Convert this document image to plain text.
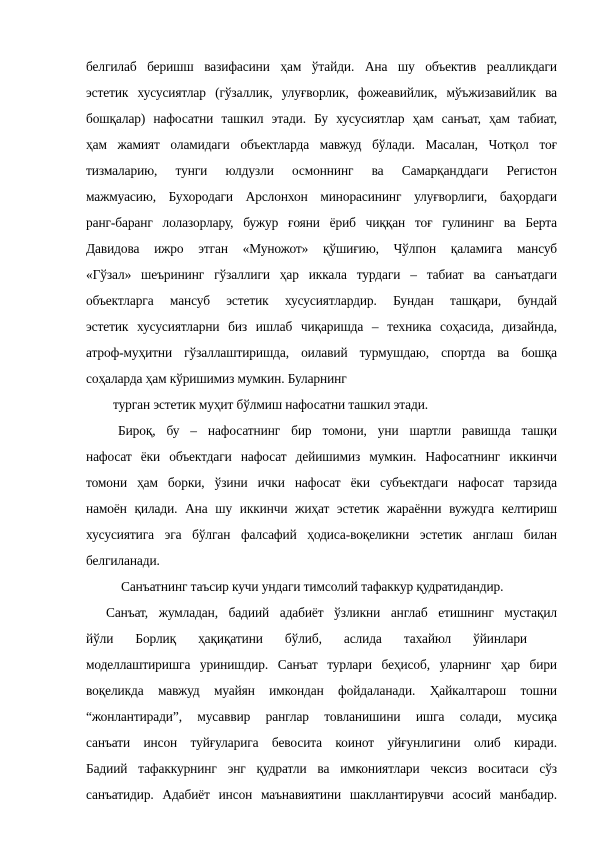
белгилаб беришш вазифасини ҳам ўтайди. Ана шу объектив реалликдаги
эстетик хусусиятлар (гўзаллик, улуғворлик, фожеавийлик, мўъжизавийлик ва
бошқалар) нафосатни ташкил этади. Бу хусусиятлар ҳам санъат, ҳам табиат,
ҳам жамият оламидаги объектларда мавжуд бўлади. Масалан, Чотқол тоғ
тизмаларию, тунги юлдузли осмоннинг ва Самарқанддаги Регистон
мажмуасию, Бухородаги Арслонхон минорасининг улуғворлиги, баҳордаги
ранг-баранг лолазорлару, бужур ғояни ёриб чиққан тоғ гулининг ва Берта
Давидова ижро этган «Муножот» қўшиғию, Чўлпон қаламига мансуб
«Гўзал» шеърининг гўзаллиги ҳар иккала турдаги – табиат ва санъатдаги
объектларга мансуб эстетик хусусиятлардир. Бундан ташқари, бундай
эстетик хусусиятларни биз ишлаб чиқаришда – техника соҳасида, дизайнда,
атроф-муҳитни гўзаллаштиришда, оилавий турмушдаю, спортда ва бошқа
соҳаларда ҳам кўришимиз мумкин. Буларнинг
турган эстетик муҳит бўлмиш нафосатни ташкил этади.
Бироқ, бу – нафосатнинг бир томони, уни шартли равишда ташқи
нафосат ёки объектдаги нафосат дейишимиз мумкин. Нафосатнинг иккинчи
томони ҳам борки, ўзини ички нафосат ёки субъектдаги нафосат тарзида
намоён қилади. Ана шу иккинчи жиҳат эстетик жараённи вужудга келтириш
хусусиятига эга бўлган фалсафий ҳодиса-воқеликни эстетик англаш билан
белгиланади.
Санъатнинг таъсир кучи ундаги тимсолий тафаккур қудратидандир.
Санъат, жумладан, бадиий адабиёт ўзликни англаб етишнинг мустақил
йўли Борлиқ ҳақиқатини бўлиб, аслида тахайюл ўйинлари
моделлаштиришга уринишдир. Санъат турлари беҳисоб, уларнинг ҳар бири
воқеликда мавжуд муайян имкондан фойдаланади. Ҳайкалтарош тошни
“жонлантиради”, мусаввир ранглар товланишини ишга солади, мусиқа
санъати инсон туйғуларига бевосита коинот уйғунлигини олиб киради.
Бадиий тафаккурнинг энг қудратли ва имкониятлари чексиз воситаси сўз
санъатидир. Адабиёт инсон маънавиятини шакллантирувчи асосий манбадир.
